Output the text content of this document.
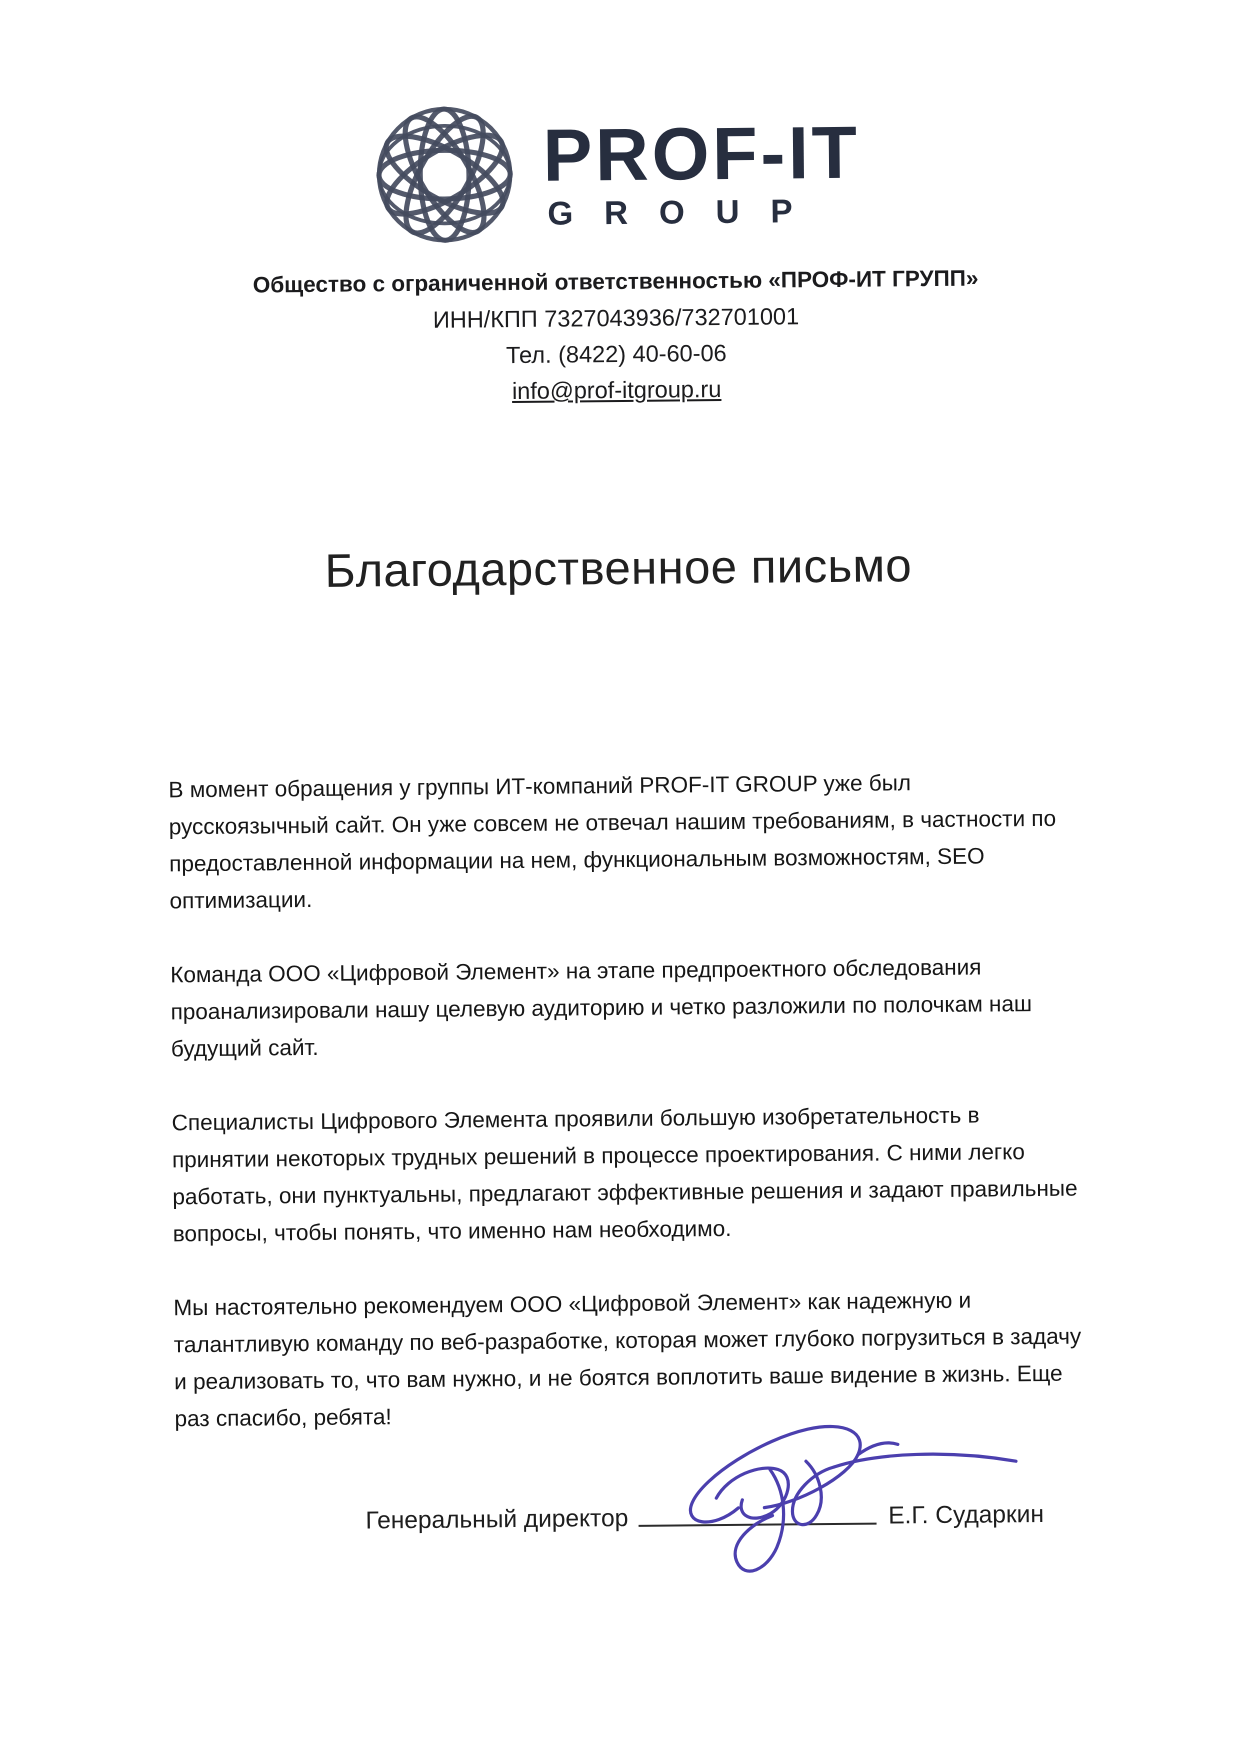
PROF-IT
GROUP
Общество с ограниченной ответственностью «ПРОФ-ИТ ГРУПП»
ИНН/КПП 7327043936/732701001
Тел. (8422) 40-60-06
info@prof-itgroup.ru
Благодарственное письмо

В момент обращения у группы ИТ-компаний PROF-IT GROUP уже был русскоязычный сайт. Он уже совсем не отвечал нашим требованиям, в частности по предоставленной информации на нем, функциональным возможностям, SEO оптимизации.

Команда ООО «Цифровой Элемент» на этапе предпроектного обследования проанализировали нашу целевую аудиторию и четко разложили по полочкам наш будущий сайт.

Специалисты Цифрового Элемента проявили большую изобретательность в принятии некоторых трудных решений в процессе проектирования. С ними легко работать, они пунктуальны, предлагают эффективные решения и задают правильные вопросы, чтобы понять, что именно нам необходимо.

Мы настоятельно рекомендуем ООО «Цифровой Элемент» как надежную и талантливую команду по веб-разработке, которая может глубоко погрузиться в задачу и реализовать то, что вам нужно, и не боятся воплотить ваше видение в жизнь. Еще раз спасибо, ребята!

Генеральный директор	Е.Г. Сударкин
